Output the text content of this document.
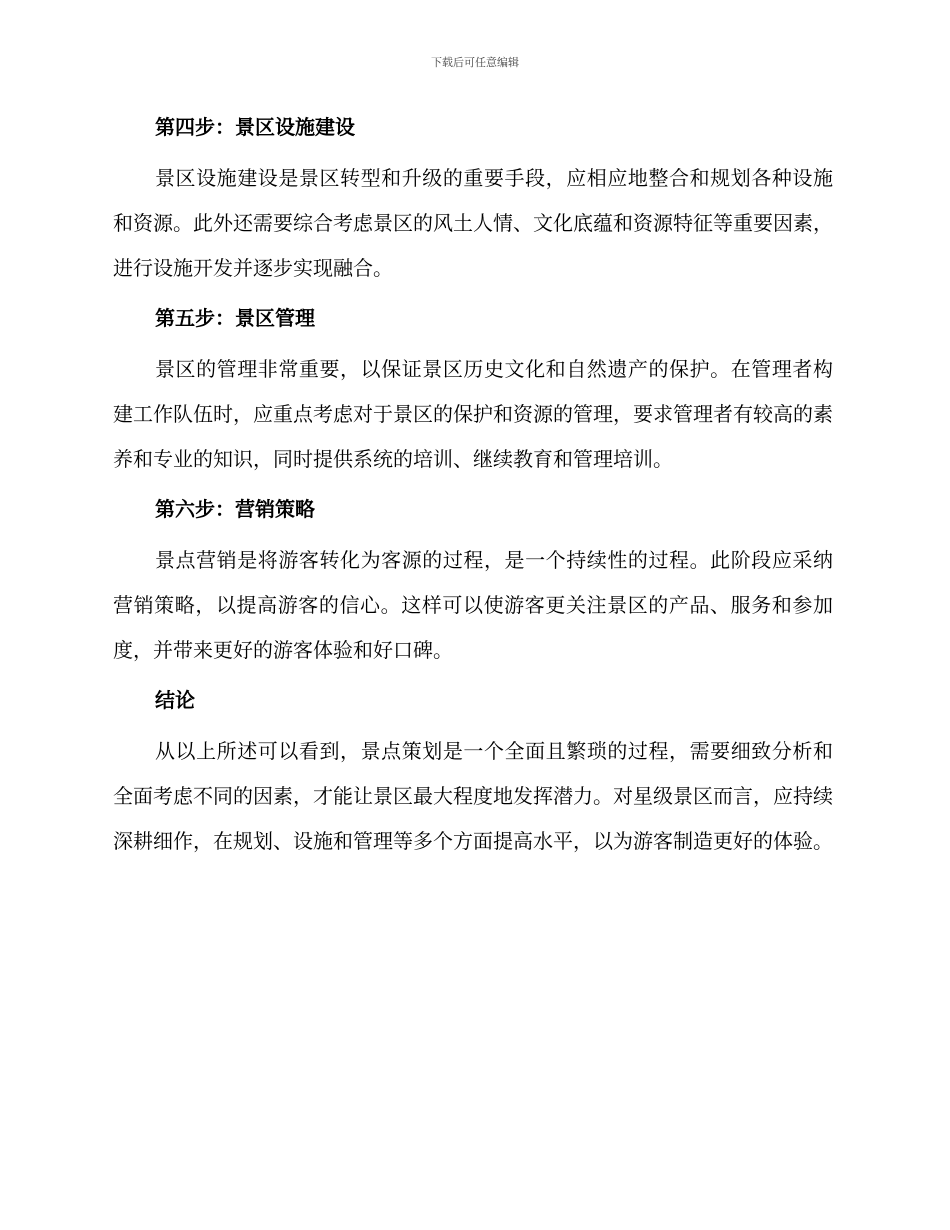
下载后可任意编辑
第四步：景区设施建设

景区设施建设是景区转型和升级的重要手段，应相应地整合和规划各种设施和资源。此外还需要综合考虑景区的风土人情、文化底蕴和资源特征等重要因素，进行设施开发并逐步实现融合。

第五步：景区管理

景区的管理非常重要，以保证景区历史文化和自然遗产的保护。在管理者构建工作队伍时，应重点考虑对于景区的保护和资源的管理，要求管理者有较高的素养和专业的知识，同时提供系统的培训、继续教育和管理培训。

第六步：营销策略

景点营销是将游客转化为客源的过程，是一个持续性的过程。此阶段应采纳营销策略，以提高游客的信心。这样可以使游客更关注景区的产品、服务和参加度，并带来更好的游客体验和好口碑。

结论

从以上所述可以看到，景点策划是一个全面且繁琐的过程，需要细致分析和全面考虑不同的因素，才能让景区最大程度地发挥潜力。对星级景区而言，应持续深耕细作，在规划、设施和管理等多个方面提高水平，以为游客制造更好的体验。
